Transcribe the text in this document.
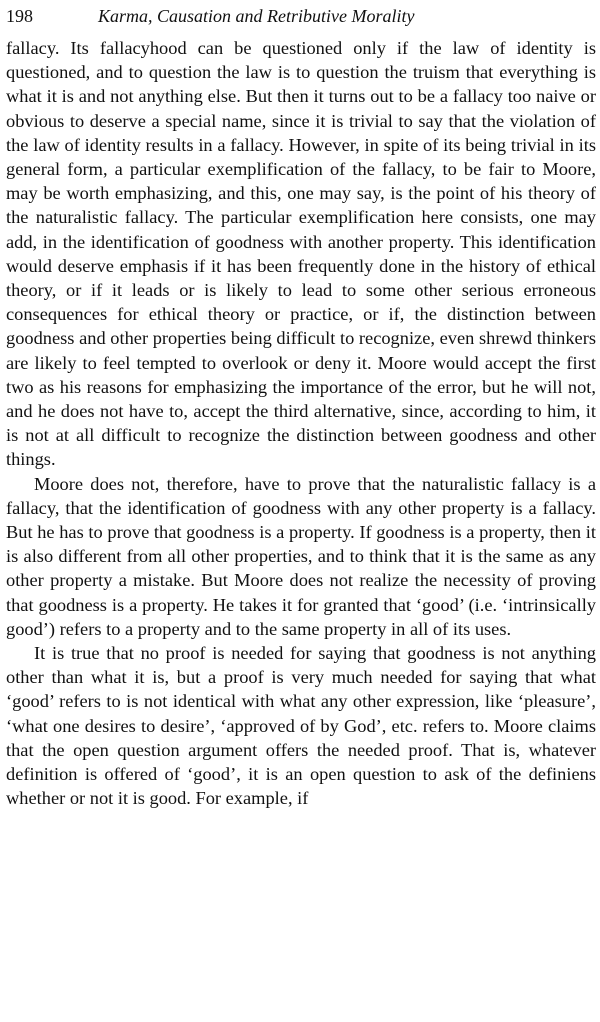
198	Karma, Causation and Retributive Morality

fallacy. Its fallacyhood can be questioned only if the law of identity is questioned, and to question the law is to question the truism that everything is what it is and not anything else. But then it turns out to be a fallacy too naive or obvious to deserve a special name, since it is trivial to say that the violation of the law of identity results in a fallacy. However, in spite of its being trivial in its general form, a particular exemplification of the fallacy, to be fair to Moore, may be worth emphasizing, and this, one may say, is the point of his theory of the naturalistic fallacy. The particular exemplification here consists, one may add, in the identification of goodness with another property. This identification would deserve emphasis if it has been frequently done in the history of ethical theory, or if it leads or is likely to lead to some other serious erroneous consequences for ethical theory or practice, or if, the distinction between goodness and other properties being difficult to recognize, even shrewd thinkers are likely to feel tempted to overlook or deny it. Moore would accept the first two as his reasons for emphasizing the importance of the error, but he will not, and he does not have to, accept the third alternative, since, according to him, it is not at all difficult to recognize the distinction between goodness and other things.

Moore does not, therefore, have to prove that the naturalistic fallacy is a fallacy, that the identification of goodness with any other property is a fallacy. But he has to prove that goodness is a property. If goodness is a property, then it is also different from all other properties, and to think that it is the same as any other property a mistake. But Moore does not realize the necessity of proving that goodness is a property. He takes it for granted that ‘good’ (i.e. ‘intrinsically good’) refers to a property and to the same property in all of its uses.

It is true that no proof is needed for saying that goodness is not anything other than what it is, but a proof is very much needed for saying that what ‘good’ refers to is not identical with what any other expression, like ‘pleasure’, ‘what one desires to desire’, ‘approved of by God’, etc. refers to. Moore claims that the open question argument offers the needed proof. That is, whatever definition is offered of ‘good’, it is an open question to ask of the definiens whether or not it is good. For example, if
